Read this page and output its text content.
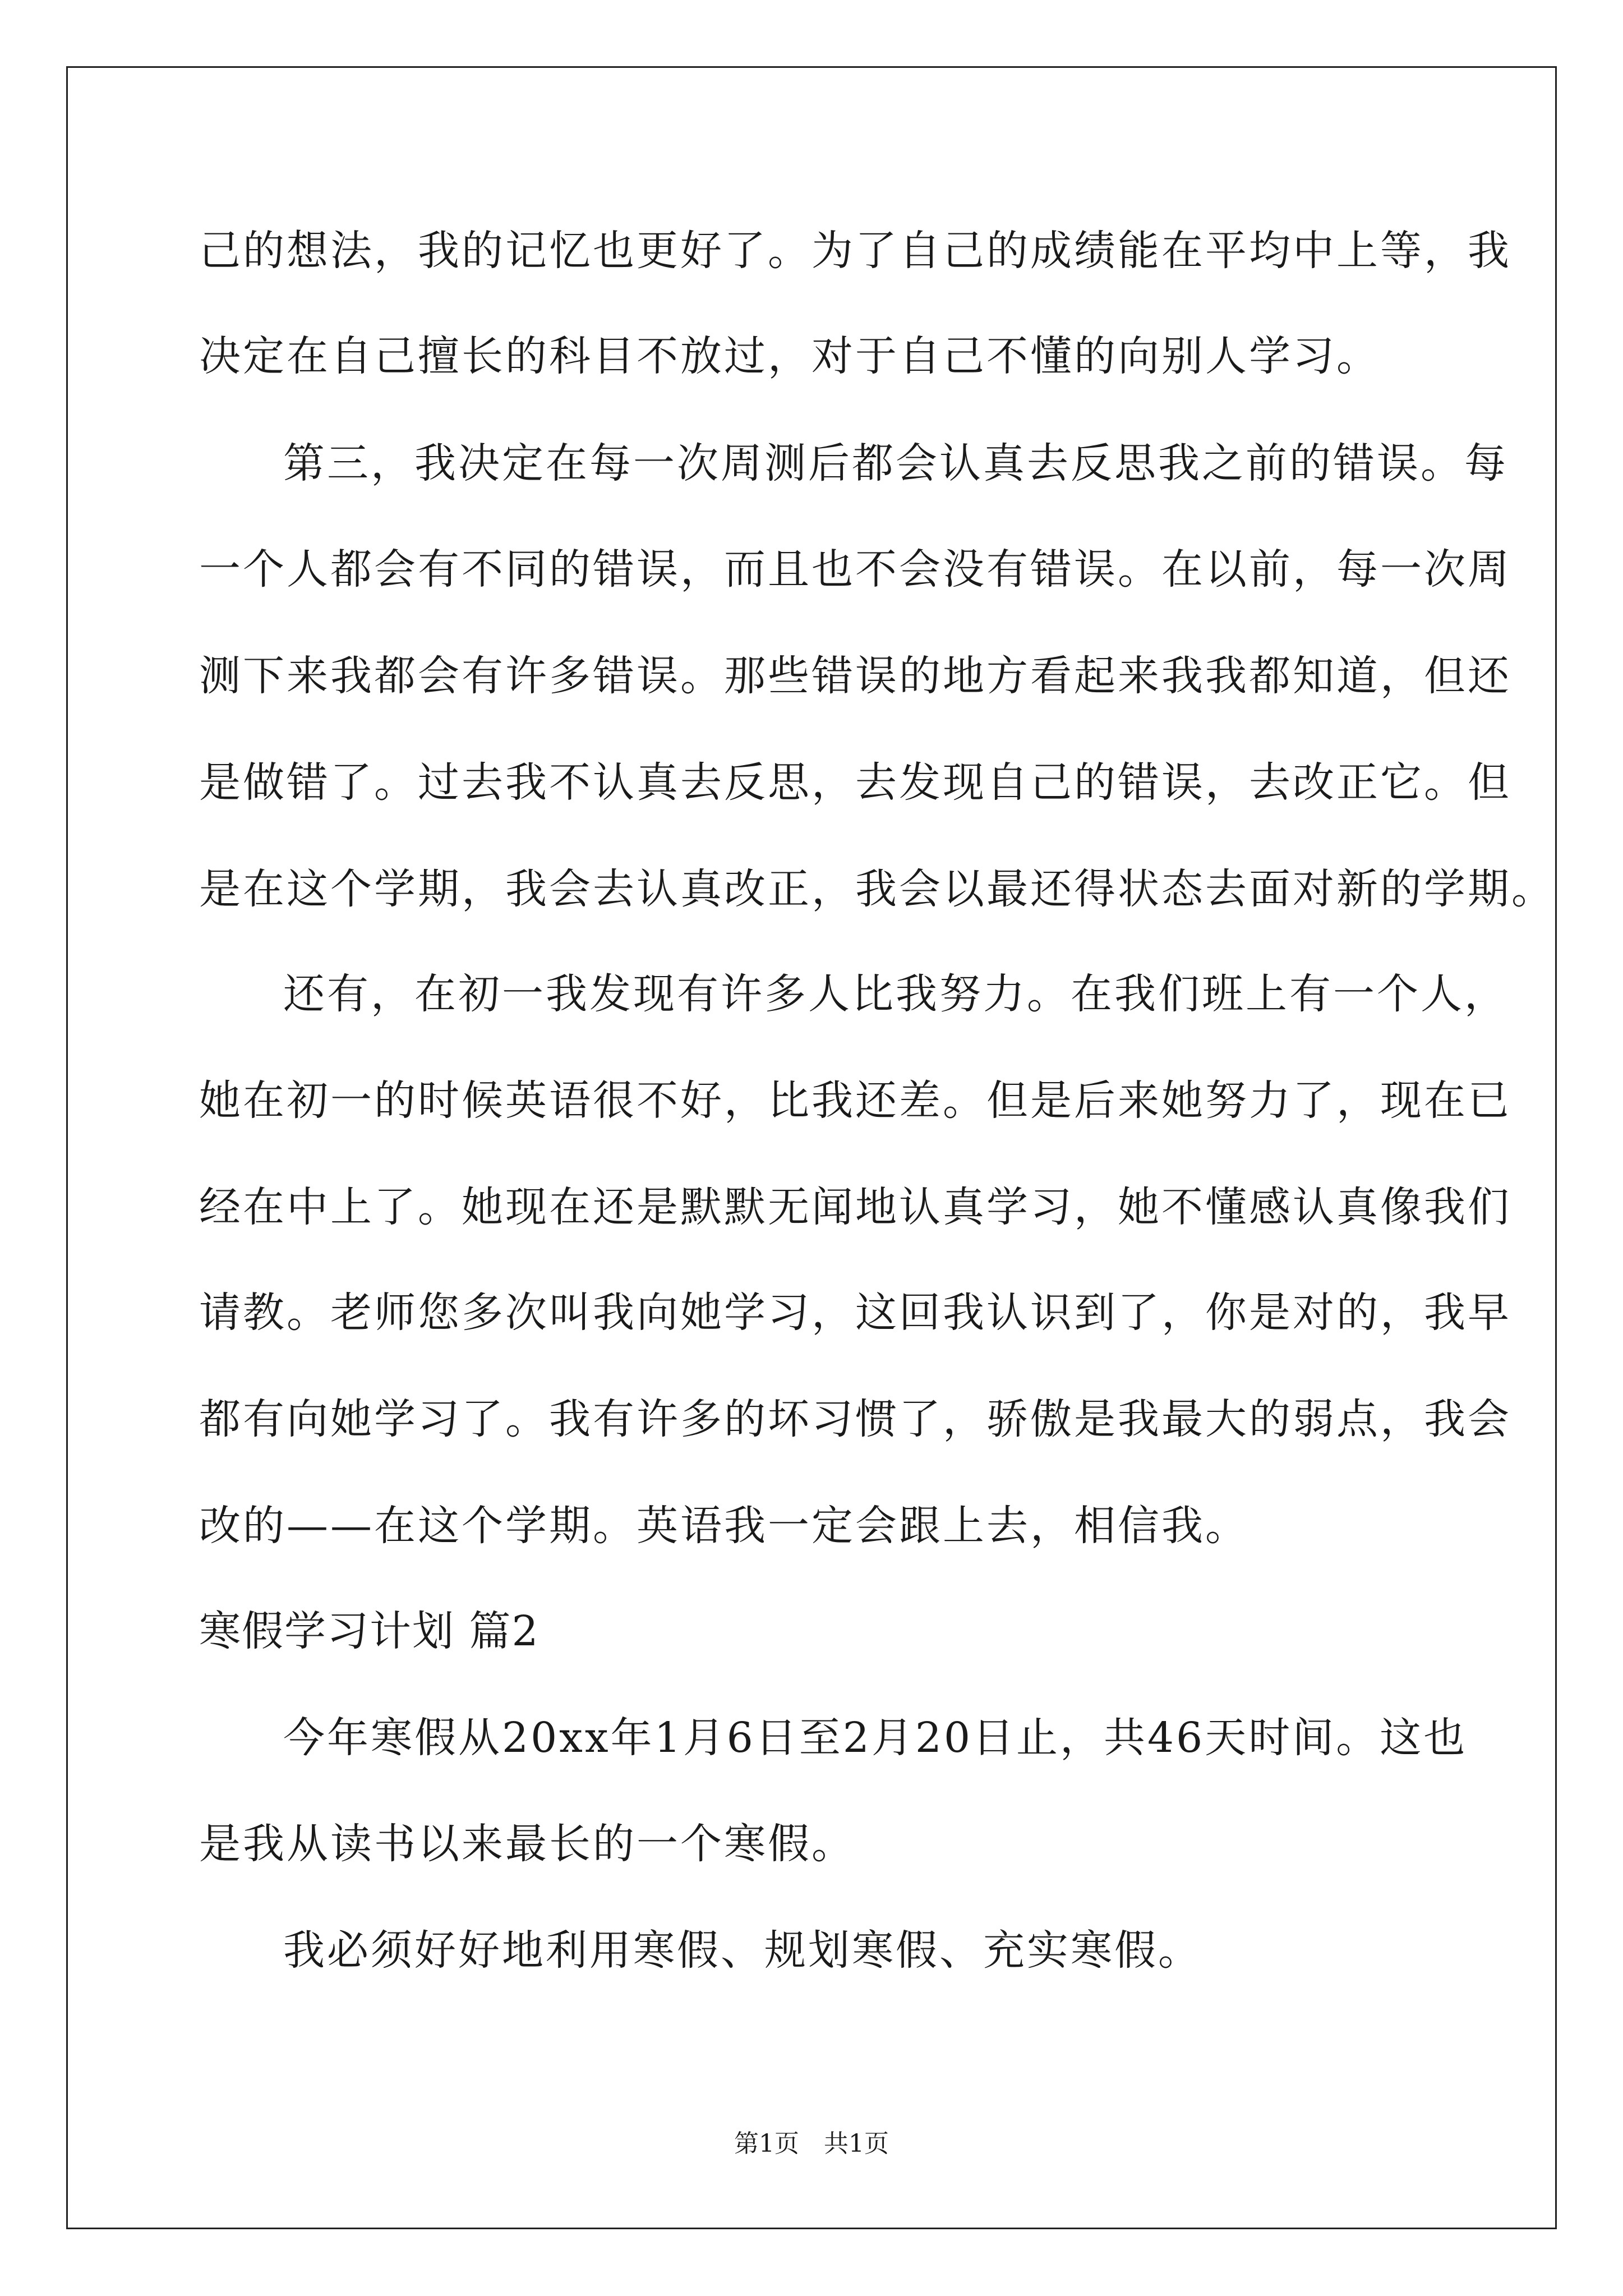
己的想法，我的记忆也更好了。为了自己的成绩能在平均中上等，我
决定在自己擅长的科目不放过，对于自己不懂的向别人学习。
第三，我决定在每一次周测后都会认真去反思我之前的错误。每
一个人都会有不同的错误，而且也不会没有错误。在以前，每一次周
测下来我都会有许多错误。那些错误的地方看起来我我都知道，但还
是做错了。过去我不认真去反思，去发现自己的错误，去改正它。但
是在这个学期，我会去认真改正，我会以最还得状态去面对新的学期。
还有，在初一我发现有许多人比我努力。在我们班上有一个人，
她在初一的时候英语很不好，比我还差。但是后来她努力了，现在已
经在中上了。她现在还是默默无闻地认真学习，她不懂感认真像我们
请教。老师您多次叫我向她学习，这回我认识到了，你是对的，我早
都有向她学习了。我有许多的坏习惯了，骄傲是我最大的弱点，我会
改的——在这个学期。英语我一定会跟上去，相信我。
寒假学习计划 篇2
今年寒假从20xx年1月6日至2月20日止，共46天时间。这也
是我从读书以来最长的一个寒假。
我必须好好地利用寒假、规划寒假、充实寒假。
第1页　共1页
